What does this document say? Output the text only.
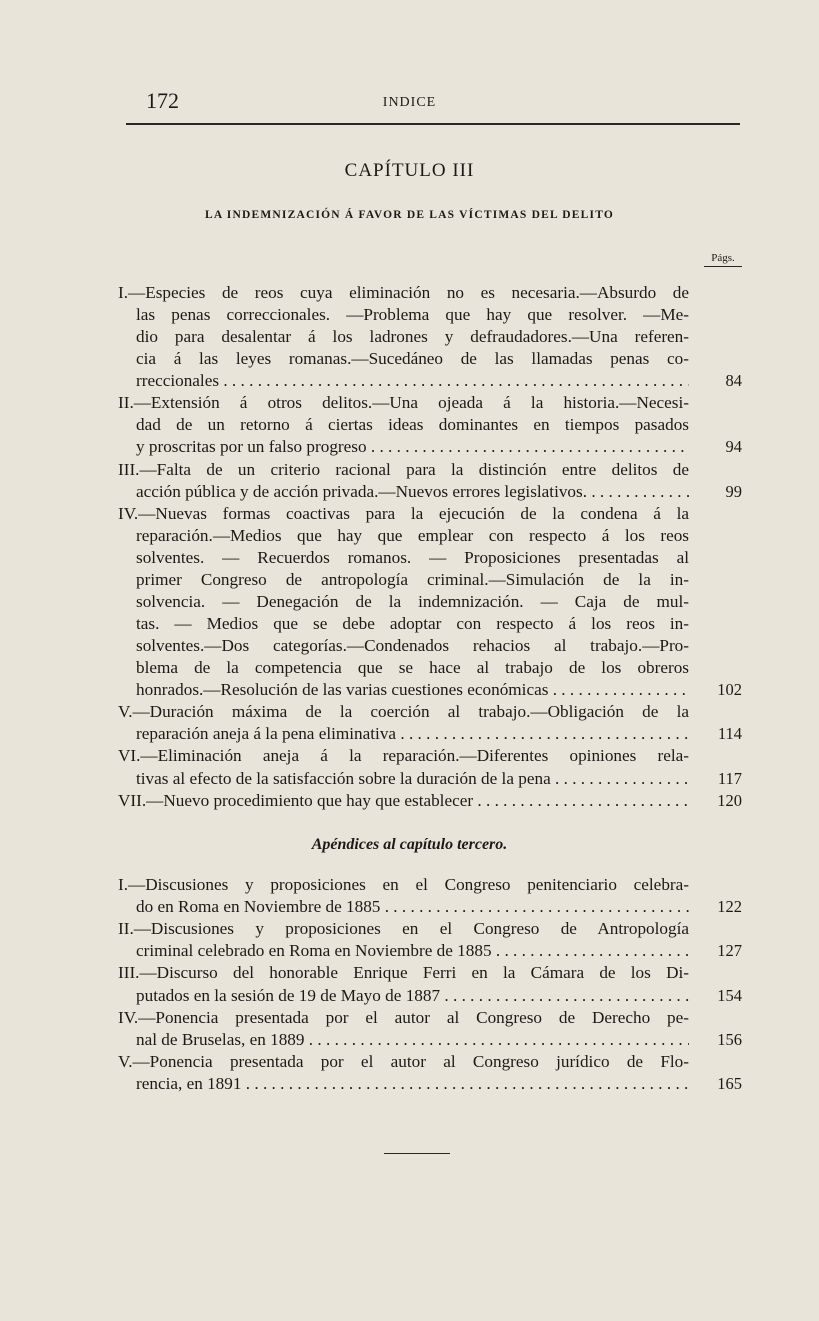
172	INDICE
CAPÍTULO III
LA INDEMNIZACIÓN Á FAVOR DE LAS VÍCTIMAS DEL DELITO
Págs.
I.—Especies de reos cuya eliminación no es necesaria.—Absurdo de
las penas correccionales. —Problema que hay que resolver. —Me-
dio para desalentar á los ladrones y defraudadores.—Una referen-
cia á las leyes romanas.—Sucedáneo de las llamadas penas co-
rreccionales . . .	84
II.—Extensión á otros delitos.—Una ojeada á la historia.—Necesi-
dad de un retorno á ciertas ideas dominantes en tiempos pasados
y proscritas por un falso progreso . . .	94
III.—Falta de un criterio racional para la distinción entre delitos de
acción pública y de acción privada.—Nuevos errores legislativos. . . .	99
IV.—Nuevas formas coactivas para la ejecución de la condena á la
reparación.—Medios que hay que emplear con respecto á los reos
solventes. — Recuerdos romanos. — Proposiciones presentadas al
primer Congreso de antropología criminal.—Simulación de la in-
solvencia. — Denegación de la indemnización. — Caja de mul-
tas. — Medios que se debe adoptar con respecto á los reos in-
solventes.—Dos categorías.—Condenados rehacios al trabajo.—Pro-
blema de la competencia que se hace al trabajo de los obreros
honrados.—Resolución de las varias cuestiones económicas . . .	102
V.—Duración máxima de la coerción al trabajo.—Obligación de la
reparación aneja á la pena eliminativa . . .	114
VI.—Eliminación aneja á la reparación.—Diferentes opiniones rela-
tivas al efecto de la satisfacción sobre la duración de la pena . . .	117
VII.—Nuevo procedimiento que hay que establecer . . .	120
Apéndices al capítulo tercero.
I.—Discusiones y proposiciones en el Congreso penitenciario celebra-
do en Roma en Noviembre de 1885 . . .	122
II.—Discusiones y proposiciones en el Congreso de Antropología
criminal celebrado en Roma en Noviembre de 1885 . . .	127
III.—Discurso del honorable Enrique Ferri en la Cámara de los Di-
putados en la sesión de 19 de Mayo de 1887 . . .	154
IV.—Ponencia presentada por el autor al Congreso de Derecho pe-
nal de Bruselas, en 1889 . . .	156
V.—Ponencia presentada por el autor al Congreso jurídico de Flo-
rencia, en 1891 . . .	165
